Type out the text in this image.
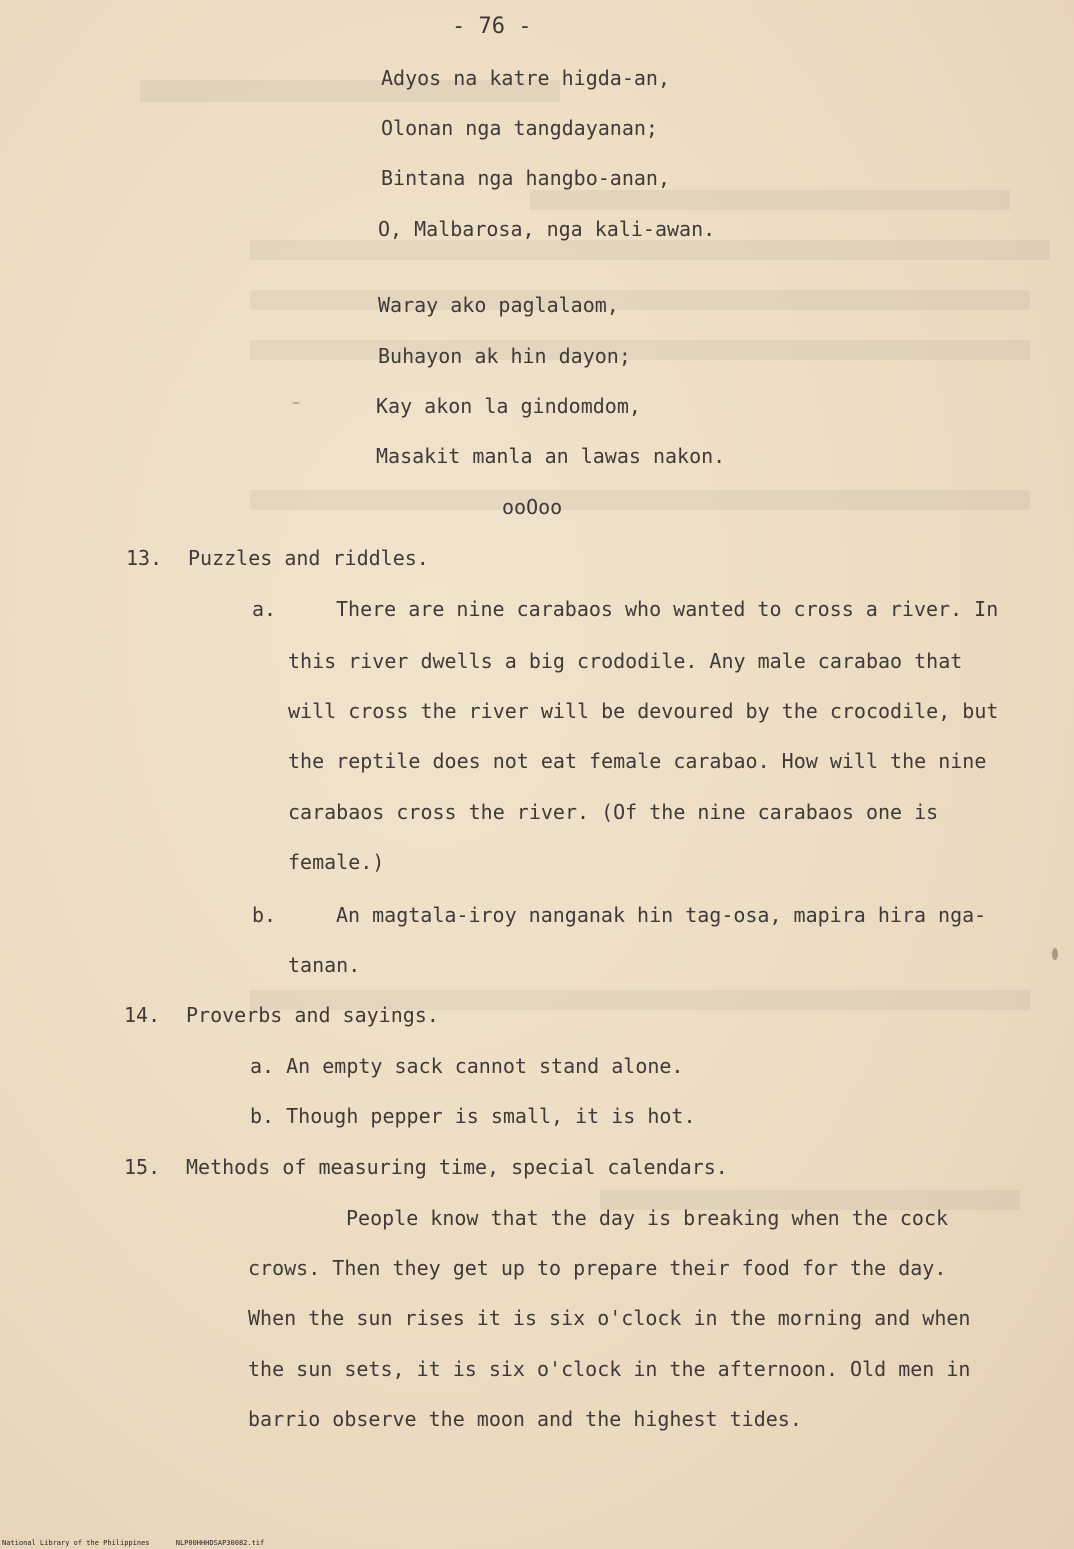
- 76 -
Adyos na katre higda-an,
Olonan nga tangdayanan;
Bintana nga hangbo-anan,
O, Malbarosa, nga kali-awan.
Waray ako paglalaom,
Buhayon ak hin dayon;
Kay akon la gindomdom,
Masakit manla an lawas nakon.
ooOoo
13. Puzzles and riddles.
a.	There are nine carabaos who wanted to cross a river. In
this river dwells a big crododile. Any male carabao that
will cross the river will be devoured by the crocodile, but
the reptile does not eat female carabao. How will the nine
carabaos cross the river. (Of the nine carabaos one is
female.)
b.	An magtala-iroy nanganak hin tag-osa, mapira hira nga-
tanan.
14. Proverbs and sayings.
a. An empty sack cannot stand alone.
b. Though pepper is small, it is hot.
15. Methods of measuring time, special calendars.
People know that the day is breaking when the cock
crows. Then they get up to prepare their food for the day.
When the sun rises it is six o'clock in the morning and when
the sun sets, it is six o'clock in the afternoon. Old men in
barrio observe the moon and the highest tides.
National Library of the Philippines	NLP00HHHDSAP30082.tif
